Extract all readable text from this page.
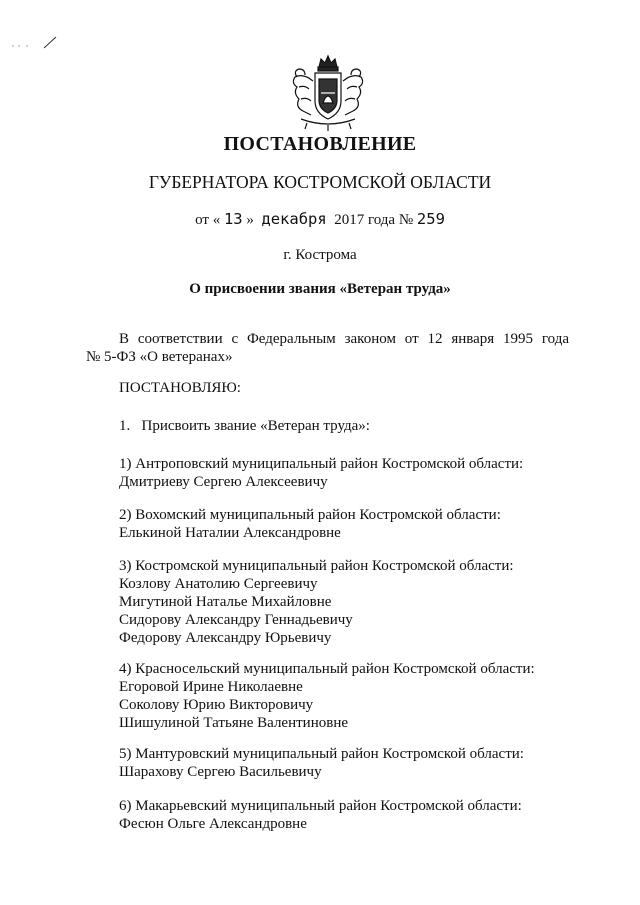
ПОСТАНОВЛЕНИЕ
ГУБЕРНАТОРА КОСТРОМСКОЙ ОБЛАСТИ
от « 13 » декабря 2017 года № 259
г. Кострома
О присвоении звания «Ветеран труда»
В соответствии с Федеральным законом от 12 января 1995 года
№ 5-ФЗ «О ветеранах»
ПОСТАНОВЛЯЮ:
1.   Присвоить звание «Ветеран труда»:
1) Антроповский муниципальный район Костромской области:
Дмитриеву Сергею Алексеевичу
2) Вохомский муниципальный район Костромской области:
Елькиной Наталии Александровне
3) Костромской муниципальный район Костромской области:
Козлову Анатолию Сергеевичу
Мигутиной Наталье Михайловне
Сидорову Александру Геннадьевичу
Федорову Александру Юрьевичу
4) Красносельский муниципальный район Костромской области:
Егоровой Ирине Николаевне
Соколову Юрию Викторовичу
Шишулиной Татьяне Валентиновне
5) Мантуровский муниципальный район Костромской области:
Шарахову Сергею Васильевичу
6) Макарьевский муниципальный район Костромской области:
Фесюн Ольге Александровне
